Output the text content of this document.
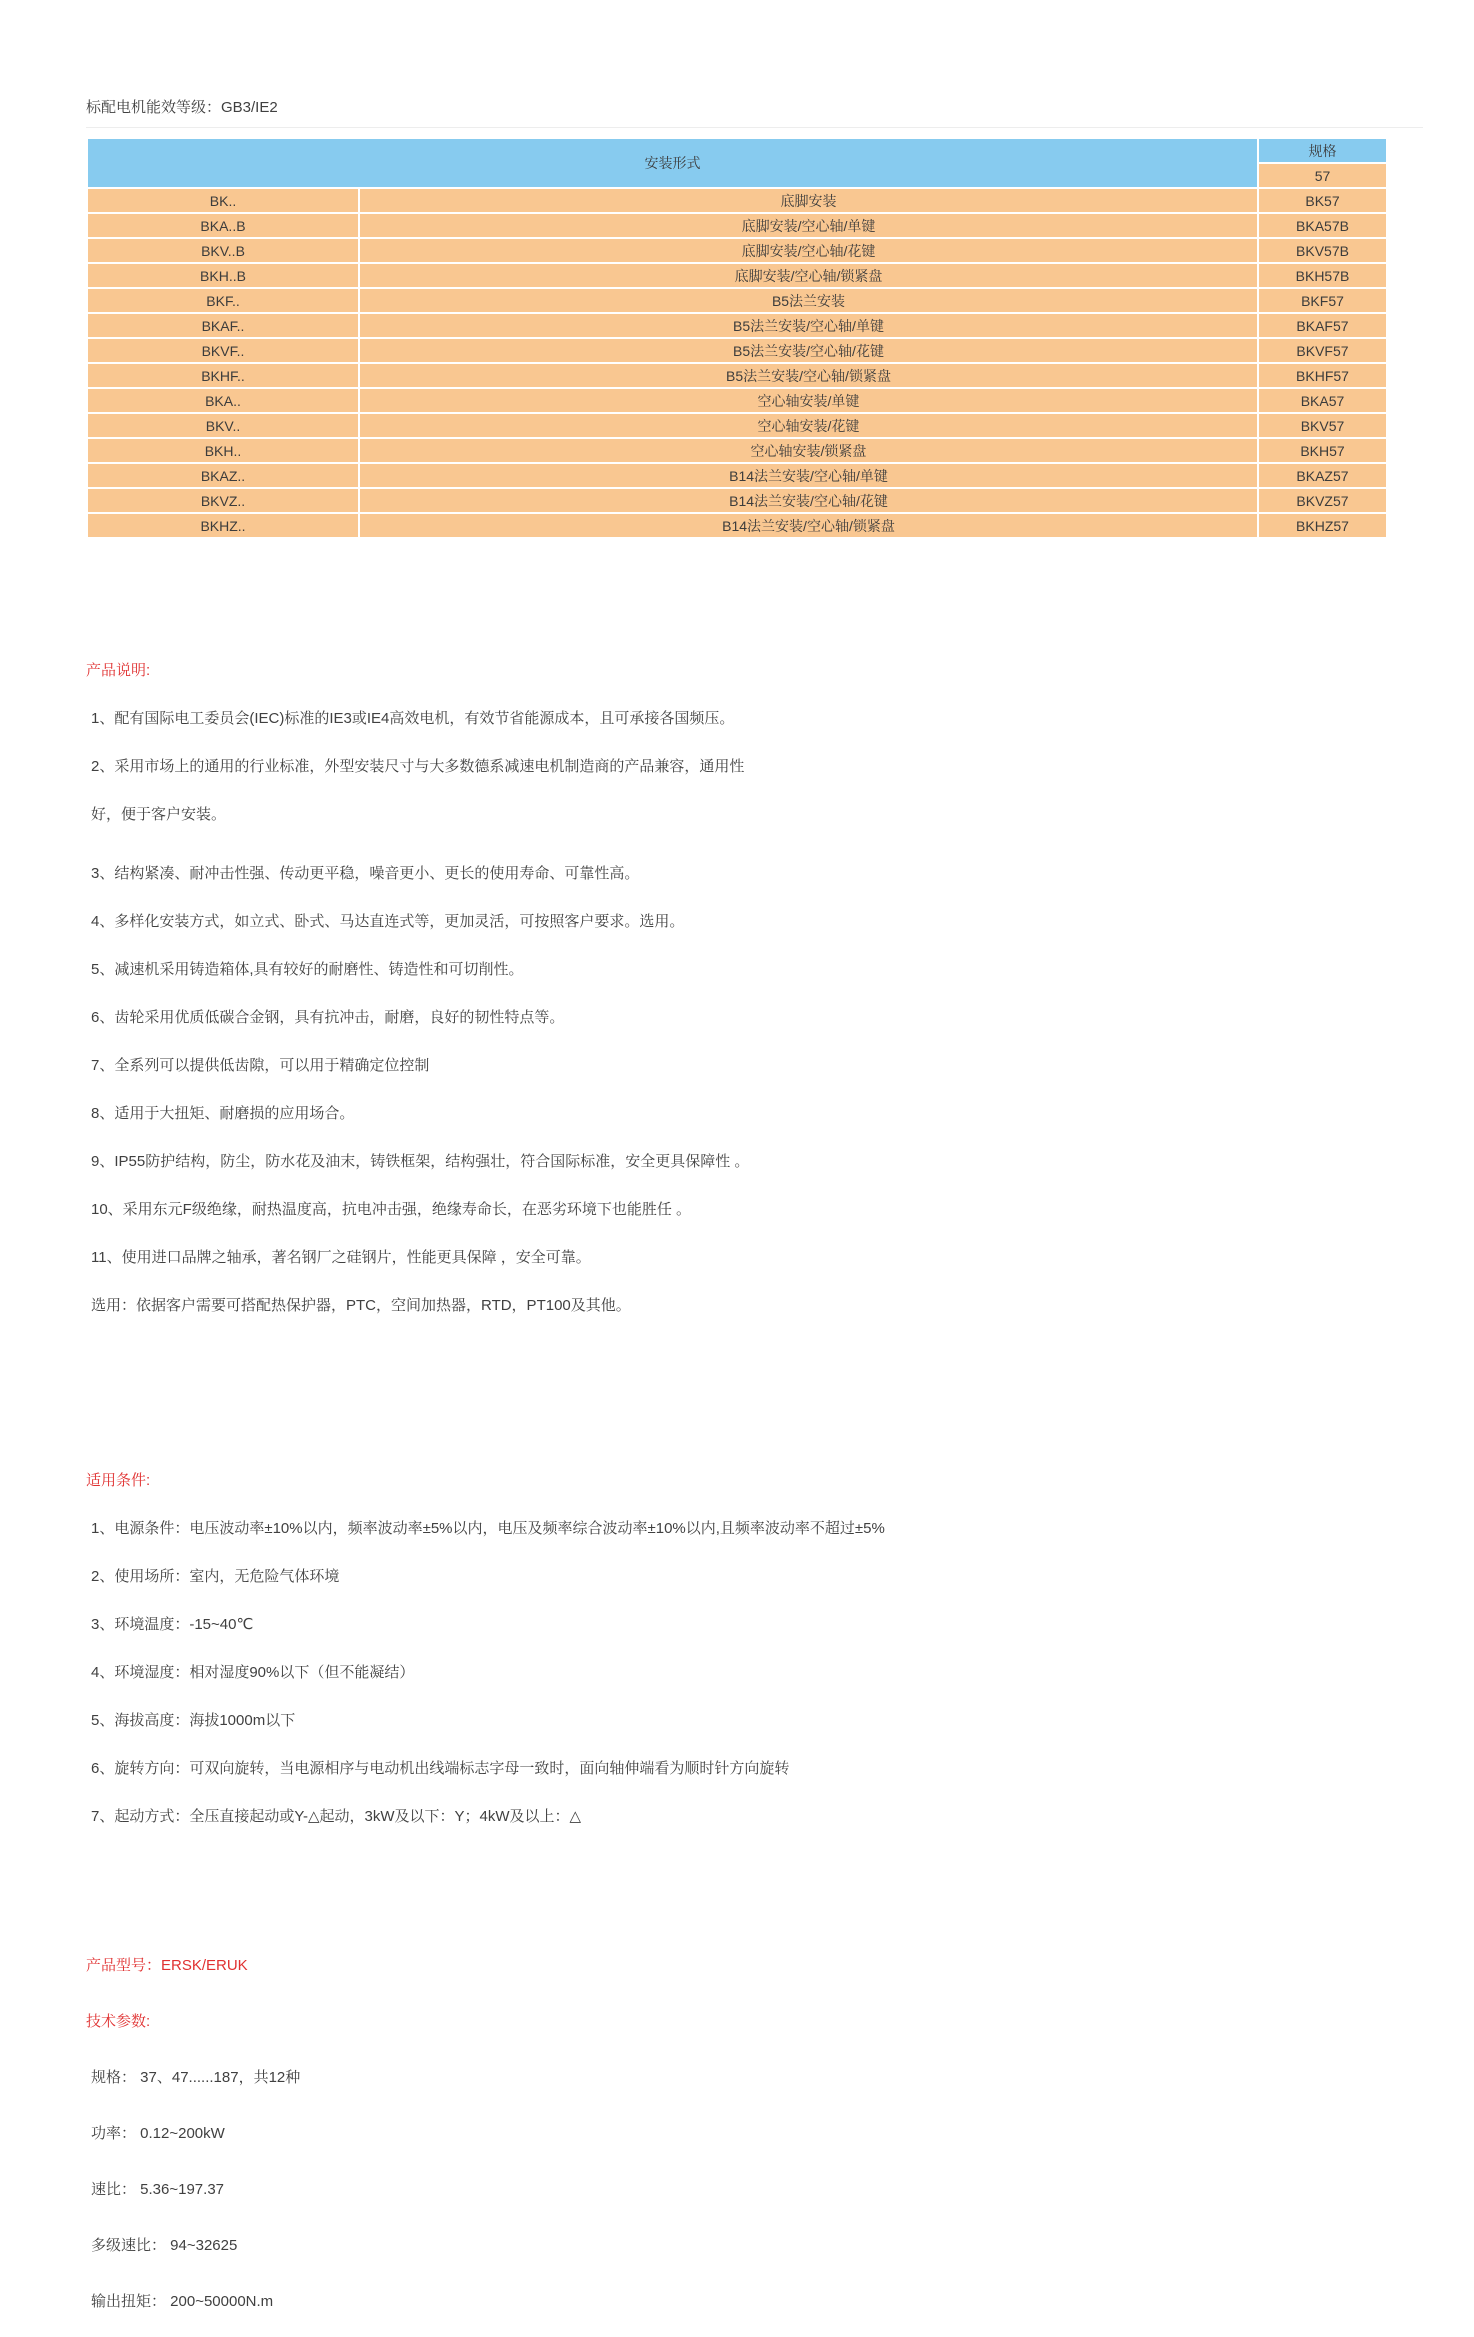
标配电机能效等级：GB3/IE2

安装形式		规格
		57
BK..	底脚安装	BK57
BKA..B	底脚安装/空心轴/单键	BKA57B
BKV..B	底脚安装/空心轴/花键	BKV57B
BKH..B	底脚安装/空心轴/锁紧盘	BKH57B
BKF..	B5法兰安装	BKF57
BKAF..	B5法兰安装/空心轴/单键	BKAF57
BKVF..	B5法兰安装/空心轴/花键	BKVF57
BKHF..	B5法兰安装/空心轴/锁紧盘	BKHF57
BKA..	空心轴安装/单键	BKA57
BKV..	空心轴安装/花键	BKV57
BKH..	空心轴安装/锁紧盘	BKH57
BKAZ..	B14法兰安装/空心轴/单键	BKAZ57
BKVZ..	B14法兰安装/空心轴/花键	BKVZ57
BKHZ..	B14法兰安装/空心轴/锁紧盘	BKHZ57

产品说明:

1、配有国际电工委员会(IEC)标准的IE3或IE4高效电机，有效节省能源成本，且可承接各国频压。

2、采用市场上的通用的行业标准，外型安装尺寸与大多数德系减速电机制造商的产品兼容，通用性

好，便于客户安装。

3、结构紧凑、耐冲击性强、传动更平稳，噪音更小、更长的使用寿命、可靠性高。

4、多样化安装方式，如立式、卧式、马达直连式等，更加灵活，可按照客户要求。选用。

5、减速机采用铸造箱体,具有较好的耐磨性、铸造性和可切削性。

6、齿轮采用优质低碳合金钢，具有抗冲击，耐磨，良好的韧性特点等。

7、全系列可以提供低齿隙，可以用于精确定位控制

8、适用于大扭矩、耐磨损的应用场合。

9、IP55防护结构，防尘，防水花及油末，铸铁框架，结构强壮，符合国际标准，安全更具保障性 。

10、采用东元F级绝缘，耐热温度高，抗电冲击强，绝缘寿命长，在恶劣环境下也能胜任 。

11、使用进口品牌之轴承，著名钢厂之硅钢片，性能更具保障 ，安全可靠。

选用：依据客户需要可搭配热保护器，PTC，空间加热器，RTD，PT100及其他。

适用条件:

1、电源条件：电压波动率±10%以内，频率波动率±5%以内，电压及频率综合波动率±10%以内,且频率波动率不超过±5%

2、使用场所：室内，无危险气体环境

3、环境温度：-15~40℃

4、环境湿度：相对湿度90%以下（但不能凝结）

5、海拔高度：海拔1000m以下

6、旋转方向：可双向旋转，当电源相序与电动机出线端标志字母一致时，面向轴伸端看为顺时针方向旋转

7、起动方式：全压直接起动或Y-△起动，3kW及以下：Y；4kW及以上：△

产品型号：ERSK/ERUK

技术参数:

规格： 37、47......187，共12种

功率： 0.12~200kW

速比： 5.36~197.37

多级速比： 94~32625

输出扭矩： 200~50000N.m
